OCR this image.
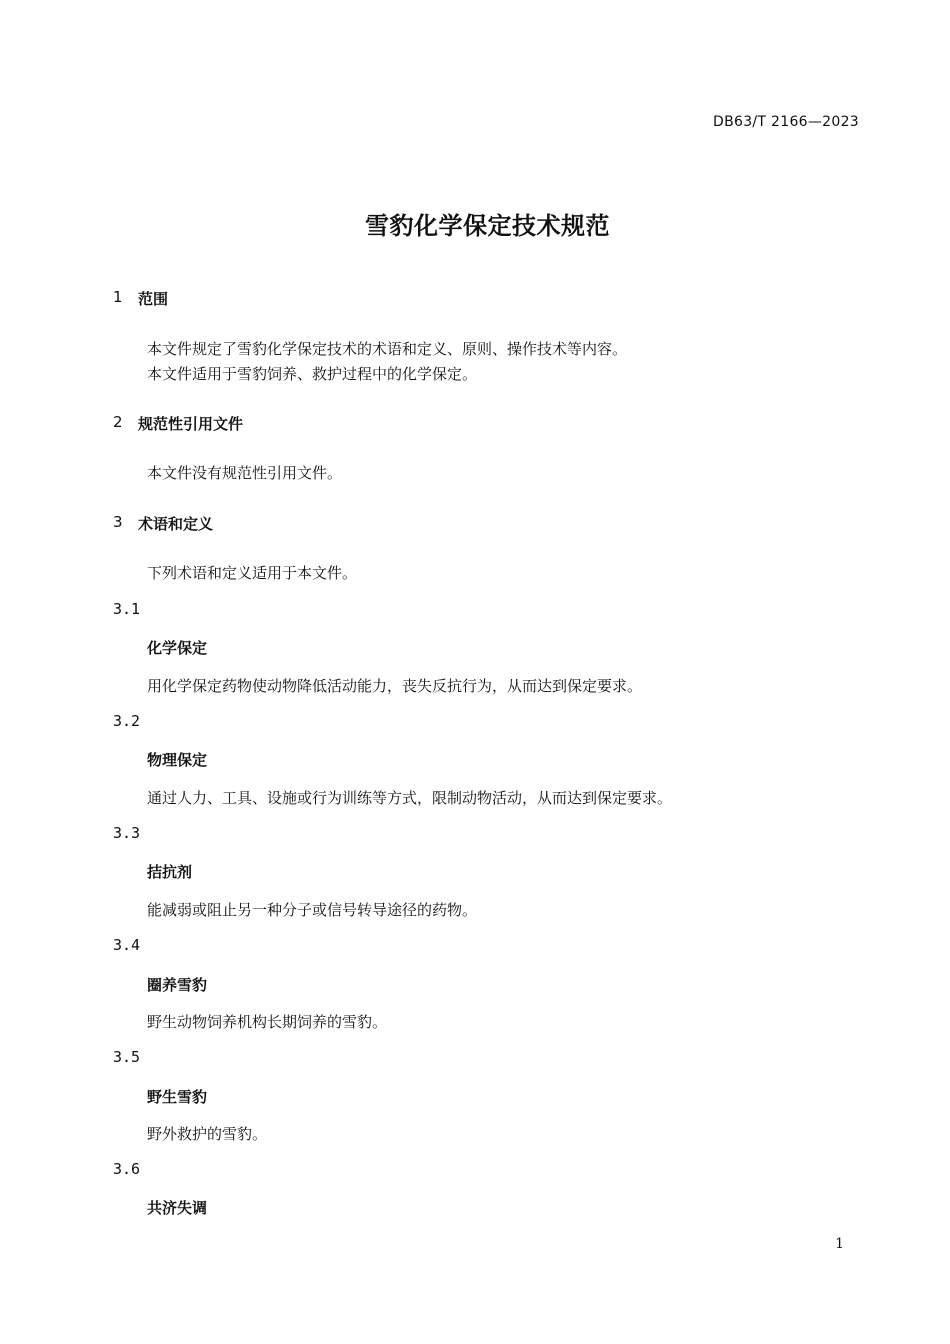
DB63/T 2166—2023
雪豹化学保定技术规范
1 范围
本文件规定了雪豹化学保定技术的术语和定义、原则、操作技术等内容。
本文件适用于雪豹饲养、救护过程中的化学保定。
2 规范性引用文件
本文件没有规范性引用文件。
3 术语和定义
下列术语和定义适用于本文件。
3.1
化学保定
用化学保定药物使动物降低活动能力，丧失反抗行为，从而达到保定要求。
3.2
物理保定
通过人力、工具、设施或行为训练等方式，限制动物活动，从而达到保定要求。
3.3
拮抗剂
能减弱或阻止另一种分子或信号转导途径的药物。
3.4
圈养雪豹
野生动物饲养机构长期饲养的雪豹。
3.5
野生雪豹
野外救护的雪豹。
3.6
共济失调
1
